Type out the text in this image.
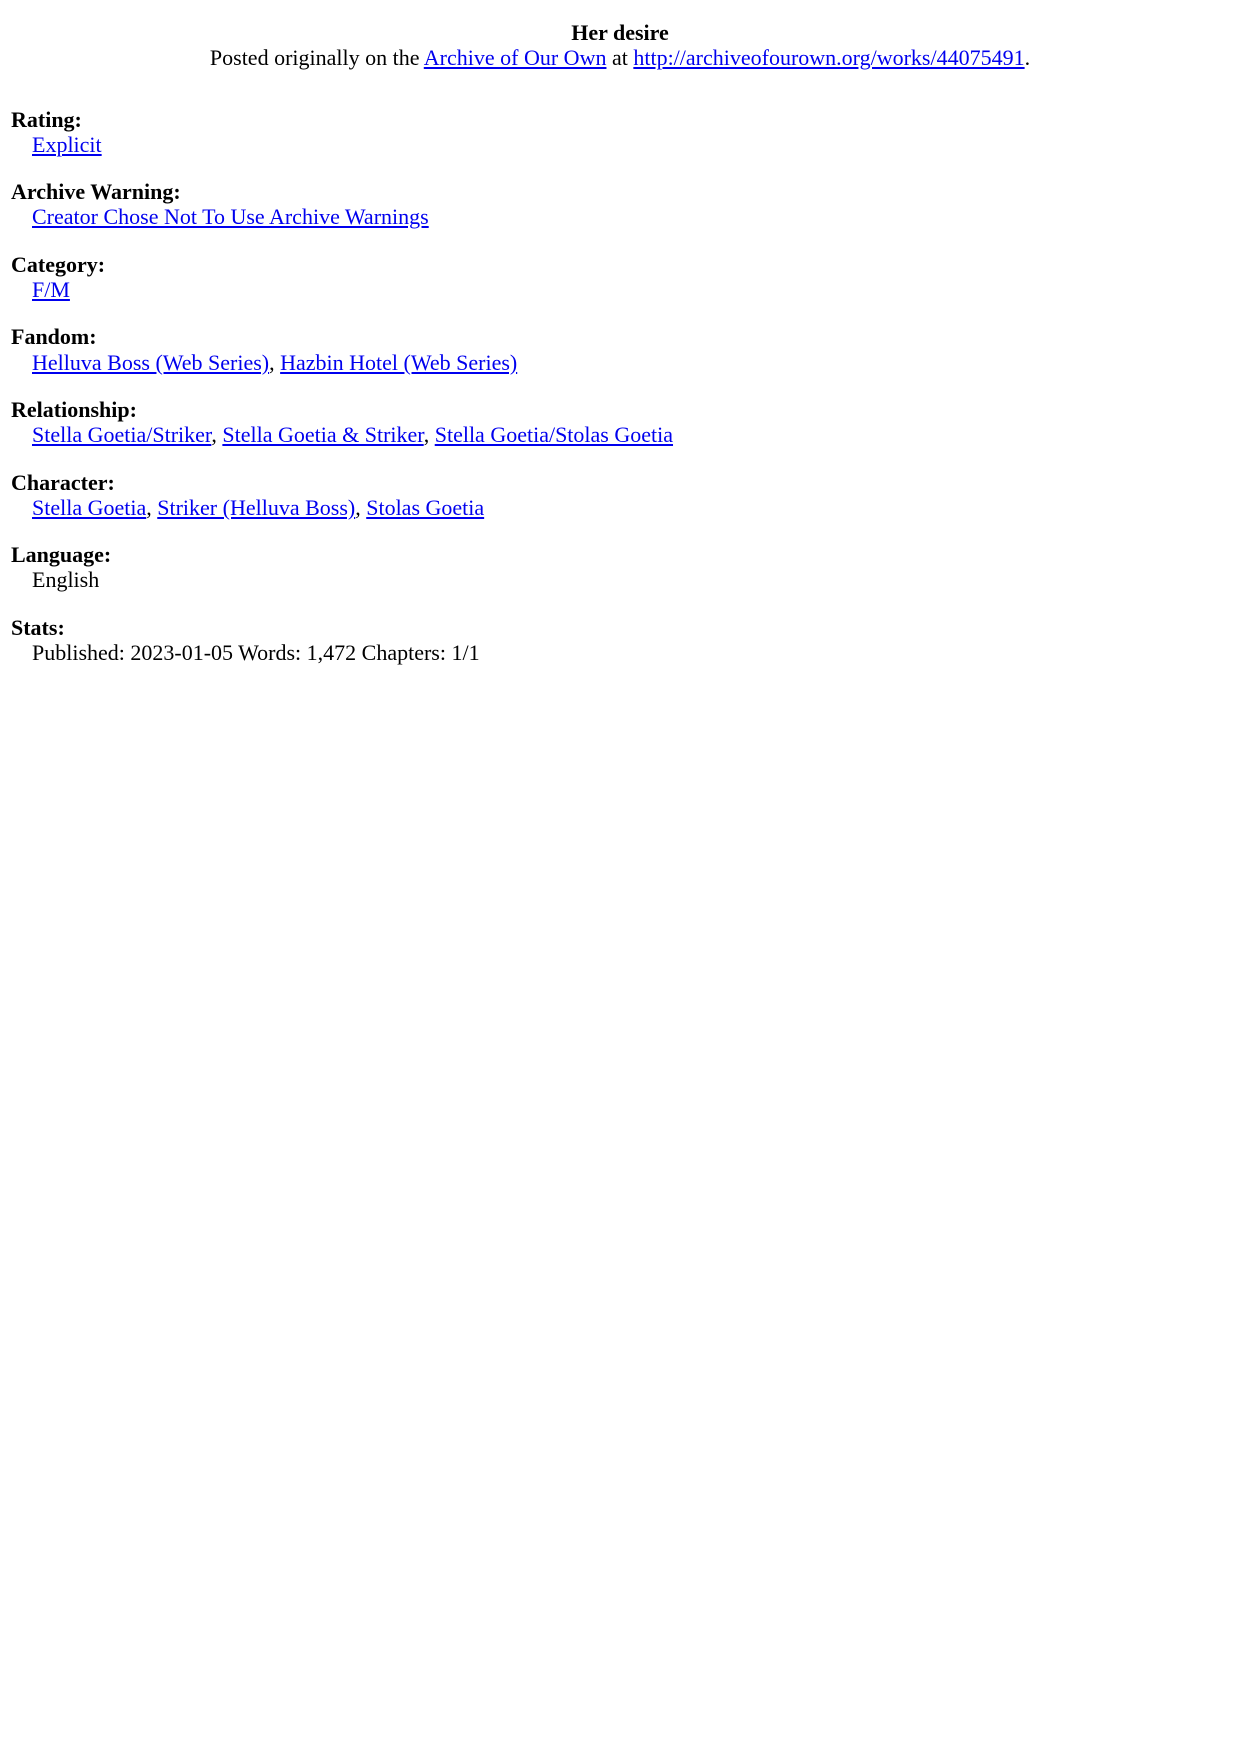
Her desire
Posted originally on the Archive of Our Own at http://archiveofourown.org/works/44075491.

Rating:
Explicit
Archive Warning:
Creator Chose Not To Use Archive Warnings
Category:
F/M
Fandom:
Helluva Boss (Web Series), Hazbin Hotel (Web Series)
Relationship:
Stella Goetia/Striker, Stella Goetia & Striker, Stella Goetia/Stolas Goetia
Character:
Stella Goetia, Striker (Helluva Boss), Stolas Goetia
Language:
English
Stats:
Published: 2023-01-05 Words: 1,472 Chapters: 1/1
